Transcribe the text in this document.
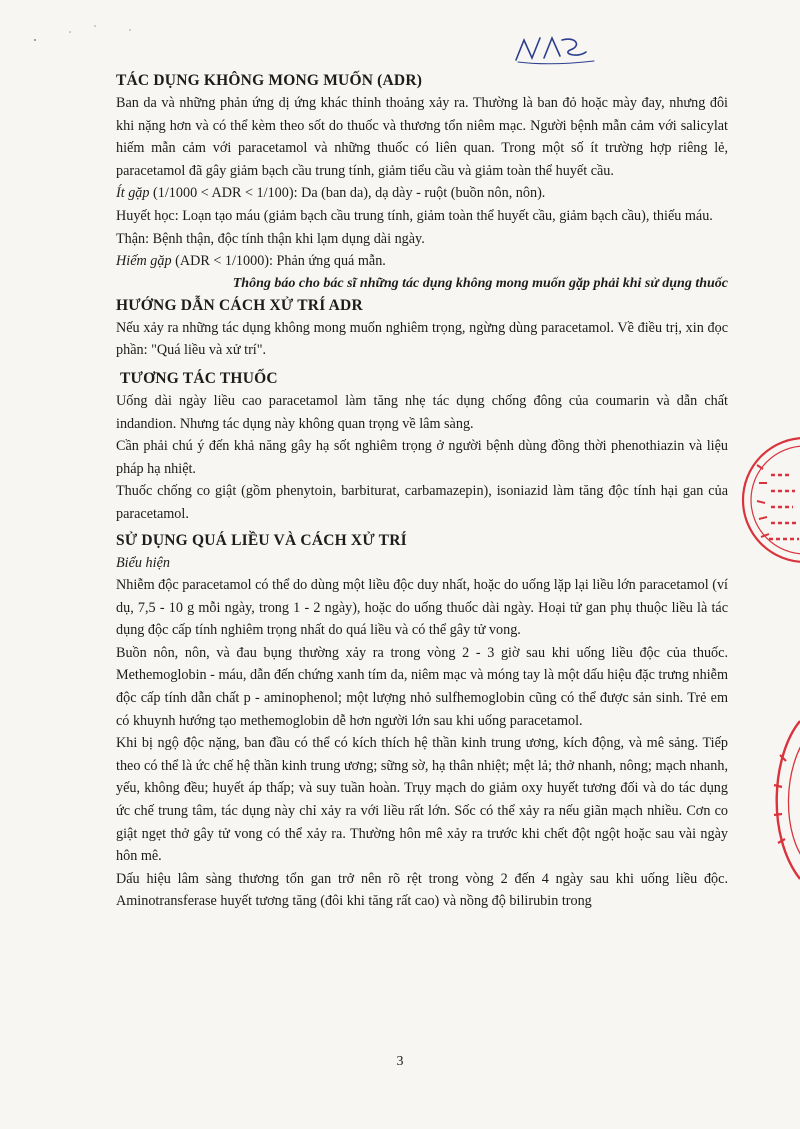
TÁC DỤNG KHÔNG MONG MUỐN (ADR)

Ban da và những phản ứng dị ứng khác thỉnh thoảng xảy ra. Thường là ban đỏ hoặc mày đay, nhưng đôi khi nặng hơn và có thể kèm theo sốt do thuốc và thương tổn niêm mạc. Người bệnh mẫn cảm với salicylat hiếm mẫn cảm với paracetamol và những thuốc có liên quan. Trong một số ít trường hợp riêng lẻ, paracetamol đã gây giảm bạch cầu trung tính, giảm tiểu cầu và giảm toàn thể huyết cầu.

Ít gặp (1/1000 < ADR < 1/100): Da (ban da), dạ dày - ruột (buồn nôn, nôn).

Huyết học: Loạn tạo máu (giảm bạch cầu trung tính, giảm toàn thể huyết cầu, giảm bạch cầu), thiếu máu.

Thận: Bệnh thận, độc tính thận khi lạm dụng dài ngày.

Hiếm gặp (ADR < 1/1000): Phản ứng quá mẫn.

Thông báo cho bác sĩ những tác dụng không mong muốn gặp phải khi sử dụng thuốc

HƯỚNG DẪN CÁCH XỬ TRÍ ADR

Nếu xảy ra những tác dụng không mong muốn nghiêm trọng, ngừng dùng paracetamol. Về điều trị, xin đọc phần: "Quá liều và xử trí".

TƯƠNG TÁC THUỐC

Uống dài ngày liều cao paracetamol làm tăng nhẹ tác dụng chống đông của coumarin và dẫn chất indandion. Nhưng tác dụng này không quan trọng về lâm sàng.

Cần phải chú ý đến khả năng gây hạ sốt nghiêm trọng ở người bệnh dùng đồng thời phenothiazin và liệu pháp hạ nhiệt.

Thuốc chống co giật (gồm phenytoin, barbiturat, carbamazepin), isoniazid làm tăng độc tính hại gan của paracetamol.

SỬ DỤNG QUÁ LIỀU VÀ CÁCH XỬ TRÍ

Biểu hiện

Nhiễm độc paracetamol có thể do dùng một liều độc duy nhất, hoặc do uống lặp lại liều lớn paracetamol (ví dụ, 7,5 - 10 g mỗi ngày, trong 1 - 2 ngày), hoặc do uống thuốc dài ngày. Hoại tử gan phụ thuộc liều là tác dụng độc cấp tính nghiêm trọng nhất do quá liều và có thể gây tử vong.

Buồn nôn, nôn, và đau bụng thường xảy ra trong vòng 2 - 3 giờ sau khi uống liều độc của thuốc. Methemoglobin - máu, dẫn đến chứng xanh tím da, niêm mạc và móng tay là một dấu hiệu đặc trưng nhiễm độc cấp tính dẫn chất p - aminophenol; một lượng nhỏ sulfhemoglobin cũng có thể được sản sinh. Trẻ em có khuynh hướng tạo methemoglobin dễ hơn người lớn sau khi uống paracetamol.

Khi bị ngộ độc nặng, ban đầu có thể có kích thích hệ thần kinh trung ương, kích động, và mê sảng. Tiếp theo có thể là ức chế hệ thần kinh trung ương; sững sờ, hạ thân nhiệt; mệt lả; thở nhanh, nông; mạch nhanh, yếu, không đều; huyết áp thấp; và suy tuần hoàn. Trụy mạch do giảm oxy huyết tương đối và do tác dụng ức chế trung tâm, tác dụng này chỉ xảy ra với liều rất lớn. Sốc có thể xảy ra nếu giãn mạch nhiều. Cơn co giật ngẹt thở gây tử vong có thể xảy ra. Thường hôn mê xảy ra trước khi chết đột ngột hoặc sau vài ngày hôn mê.

Dấu hiệu lâm sàng thương tổn gan trở nên rõ rệt trong vòng 2 đến 4 ngày sau khi uống liều độc. Aminotransferase huyết tương tăng (đôi khi tăng rất cao) và nồng độ bilirubin trong

3
